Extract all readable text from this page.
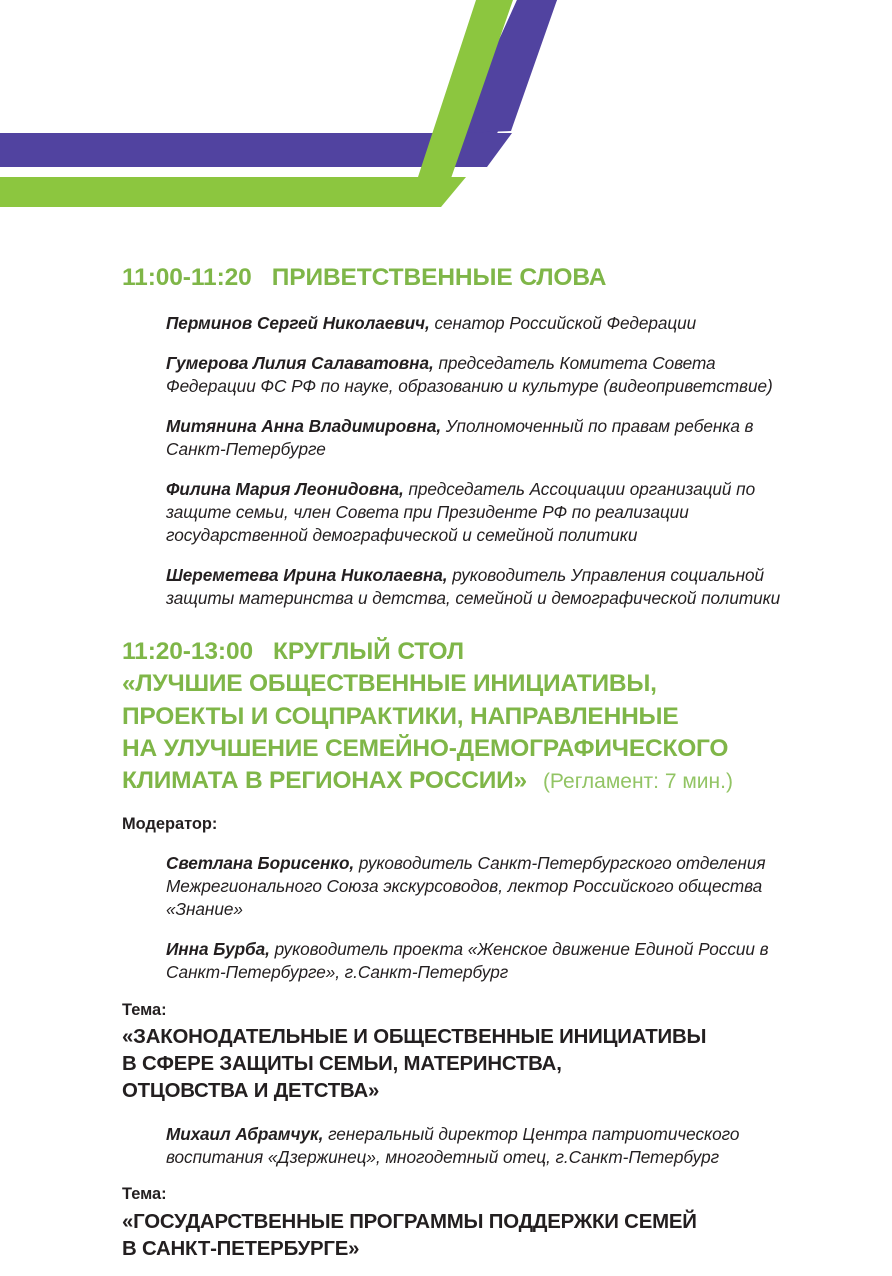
11:00-11:20 ПРИВЕТСТВЕННЫЕ СЛОВА

Перминов Сергей Николаевич, сенатор Российской Федерации

Гумерова Лилия Салаватовна, председатель Комитета Совета Федерации ФС РФ по науке, образованию и культуре (видеоприветствие)

Митянина Анна Владимировна, Уполномоченный по правам ребенка в Санкт-Петербурге

Филина Мария Леонидовна, председатель Ассоциации организаций по защите семьи, член Совета при Президенте РФ по реализации государственной демографической и семейной политики

Шереметева Ирина Николаевна, руководитель Управления социальной защиты материнства и детства, семейной и демографической политики

11:20-13:00 КРУГЛЫЙ СТОЛ
«ЛУЧШИЕ ОБЩЕСТВЕННЫЕ ИНИЦИАТИВЫ,
ПРОЕКТЫ И СОЦПРАКТИКИ, НАПРАВЛЕННЫЕ
НА УЛУЧШЕНИЕ СЕМЕЙНО-ДЕМОГРАФИЧЕСКОГО
КЛИМАТА В РЕГИОНАХ РОССИИ» (Регламент: 7 мин.)
Модератор:

Светлана Борисенко, руководитель Санкт-Петербургского отделения Межрегионального Союза экскурсоводов, лектор Российского общества «Знание»

Инна Бурба, руководитель проекта «Женское движение Единой России в Санкт-Петербурге», г.Санкт-Петербург

Тема:
«ЗАКОНОДАТЕЛЬНЫЕ И ОБЩЕСТВЕННЫЕ ИНИЦИАТИВЫ
В СФЕРЕ ЗАЩИТЫ СЕМЬИ, МАТЕРИНСТВА,
ОТЦОВСТВА И ДЕТСТВА»

Михаил Абрамчук, генеральный директор Центра патриотического воспитания «Дзержинец», многодетный отец, г.Санкт-Петербург

Тема:
«ГОСУДАРСТВЕННЫЕ ПРОГРАММЫ ПОДДЕРЖКИ СЕМЕЙ
В САНКТ-ПЕТЕРБУРГЕ»
